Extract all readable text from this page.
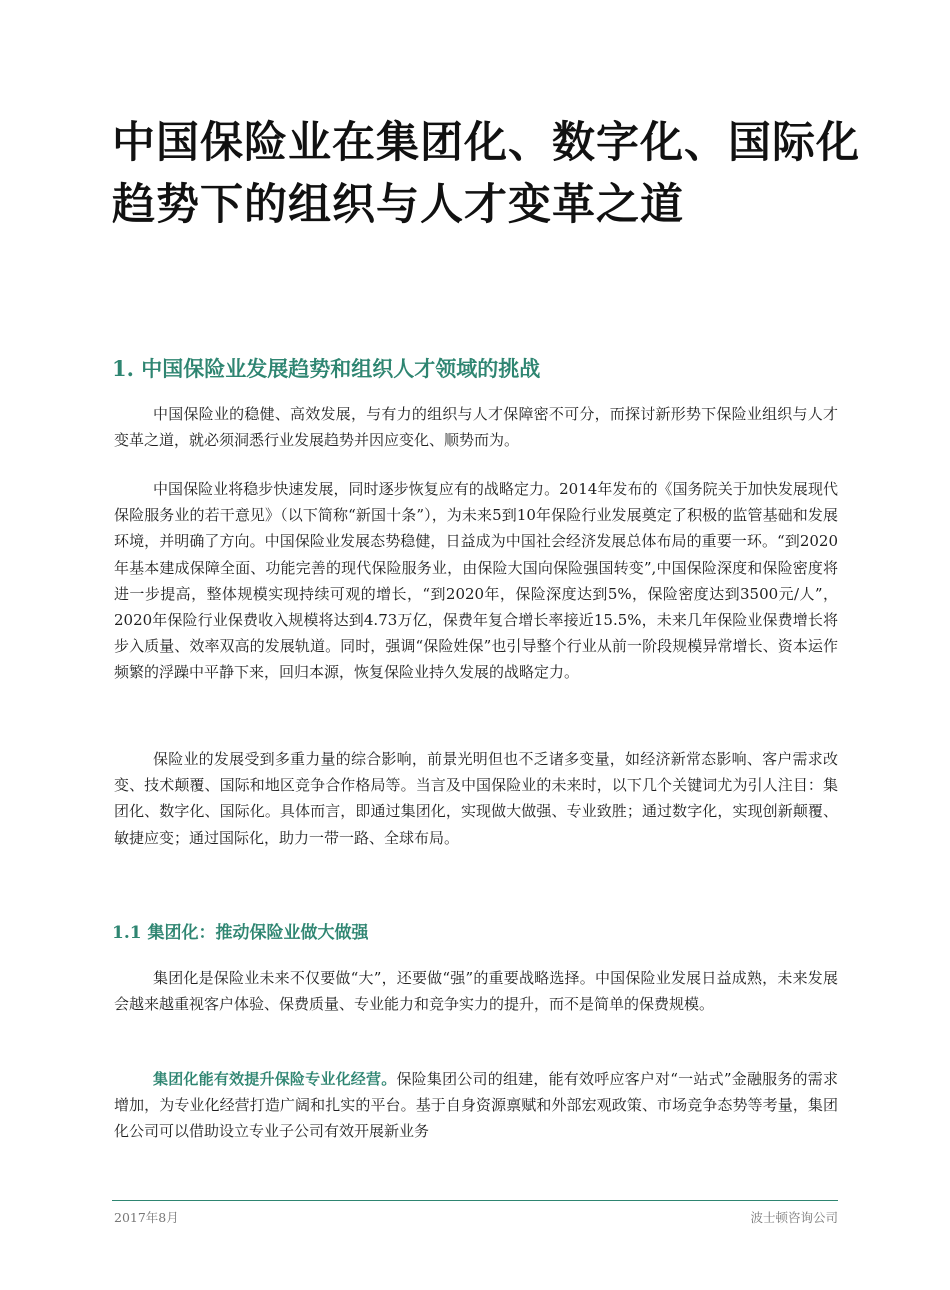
中国保险业在集团化、数字化、国际化趋势下的组织与人才变革之道
1. 中国保险业发展趋势和组织人才领域的挑战

中国保险业的稳健、高效发展，与有力的组织与人才保障密不可分，而探讨新形势下保险业组织与人才变革之道，就必须洞悉行业发展趋势并因应变化、顺势而为。

中国保险业将稳步快速发展，同时逐步恢复应有的战略定力。2014年发布的《国务院关于加快发展现代保险服务业的若干意见》（以下简称“新国十条”），为未来5到10年保险行业发展奠定了积极的监管基础和发展环境，并明确了方向。中国保险业发展态势稳健，日益成为中国社会经济发展总体布局的重要一环。“到2020年基本建成保障全面、功能完善的现代保险服务业，由保险大国向保险强国转变”,中国保险深度和保险密度将进一步提高，整体规模实现持续可观的增长，“到2020年，保险深度达到5%，保险密度达到3500元/人”，2020年保险行业保费收入规模将达到4.73万亿，保费年复合增长率接近15.5%，未来几年保险业保费增长将步入质量、效率双高的发展轨道。同时，强调“保险姓保”也引导整个行业从前一阶段规模异常增长、资本运作频繁的浮躁中平静下来，回归本源，恢复保险业持久发展的战略定力。

保险业的发展受到多重力量的综合影响，前景光明但也不乏诸多变量，如经济新常态影响、客户需求改变、技术颠覆、国际和地区竞争合作格局等。当言及中国保险业的未来时，以下几个关键词尤为引人注目：集团化、数字化、国际化。具体而言，即通过集团化，实现做大做强、专业致胜；通过数字化，实现创新颠覆、敏捷应变；通过国际化，助力一带一路、全球布局。

1.1 集团化：推动保险业做大做强

集团化是保险业未来不仅要做“大”，还要做“强”的重要战略选择。中国保险业发展日益成熟，未来发展会越来越重视客户体验、保费质量、专业能力和竞争实力的提升，而不是简单的保费规模。

集团化能有效提升保险专业化经营。保险集团公司的组建，能有效呼应客户对“一站式”金融服务的需求增加，为专业化经营打造广阔和扎实的平台。基于自身资源禀赋和外部宏观政策、市场竞争态势等考量，集团化公司可以借助设立专业子公司有效开展新业务

2017年8月	波士顿咨询公司
